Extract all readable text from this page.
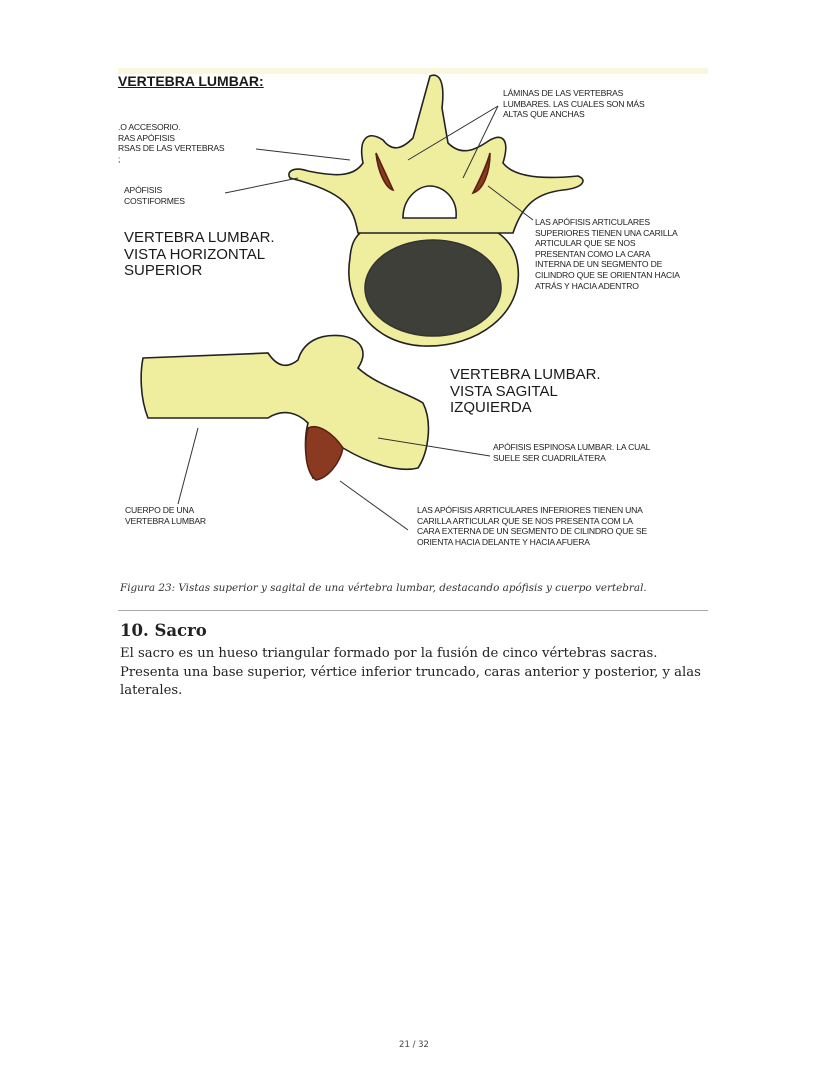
VERTEBRA LUMBAR:
.O ACCESORIO.
RAS APÓFISIS
RSAS DE LAS VERTEBRAS
;
APÓFISIS
COSTIFORMES
LÁMINAS DE LAS VERTEBRAS
LUMBARES. LAS CUALES SON MÁS
ALTAS QUE ANCHAS
VERTEBRA LUMBAR.
VISTA HORIZONTAL
SUPERIOR
LAS APÓFISIS ARTICULARES
SUPERIORES TIENEN UNA CARILLA
ARTICULAR QUE SE NOS
PRESENTAN COMO LA CARA
INTERNA DE UN SEGMENTO DE
CILINDRO QUE SE ORIENTAN HACIA
ATRÁS Y HACIA ADENTRO
VERTEBRA LUMBAR.
VISTA SAGITAL
IZQUIERDA
APÓFISIS ESPINOSA LUMBAR. LA CUAL
SUELE SER CUADRILÁTERA
CUERPO DE UNA
VERTEBRA LUMBAR
LAS APÓFISIS ARRTICULARES INFERIORES TIENEN UNA
CARILLA ARTICULAR QUE SE NOS PRESENTA COM LA
CARA EXTERNA DE UN SEGMENTO DE CILINDRO QUE SE
ORIENTA HACIA DELANTE Y HACIA AFUERA
Figura 23: Vistas superior y sagital de una vértebra lumbar, destacando apófisis y cuerpo vertebral.
10. Sacro
El sacro es un hueso triangular formado por la fusión de cinco vértebras sacras. Presenta una base superior, vértice inferior truncado, caras anterior y posterior, y alas laterales.
21 / 32
